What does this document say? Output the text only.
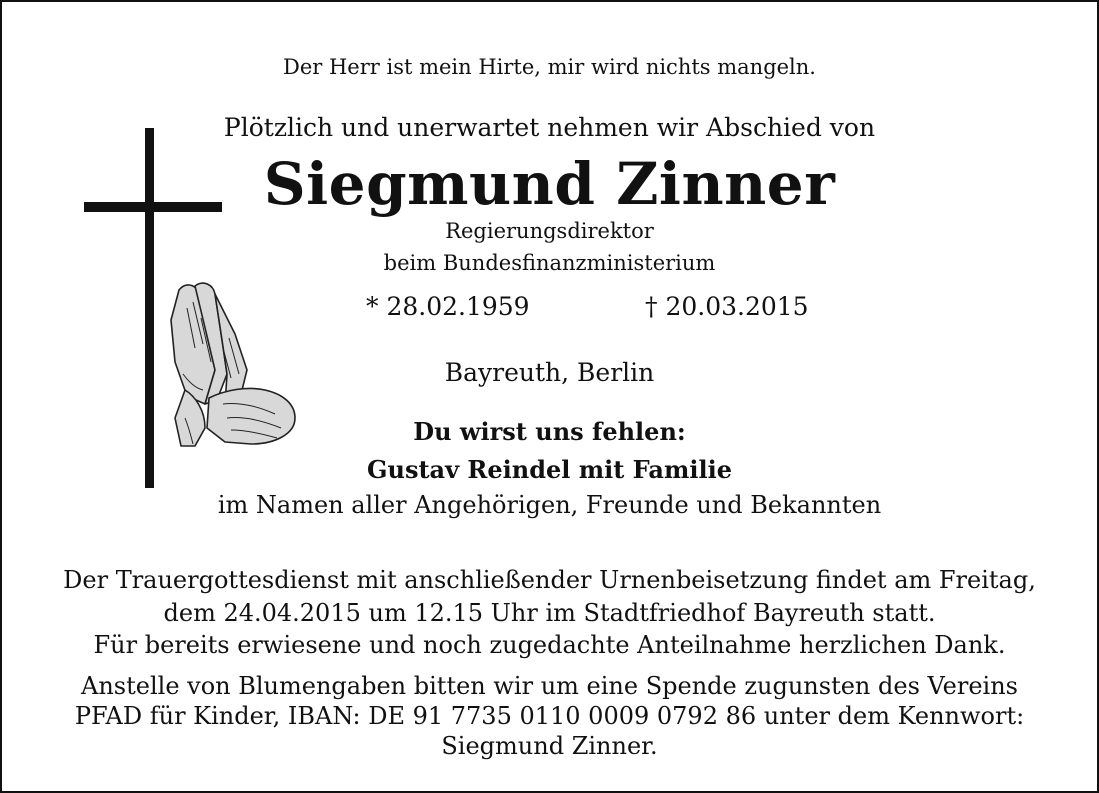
Der Herr ist mein Hirte, mir wird nichts mangeln.
Plötzlich und unerwartet nehmen wir Abschied von
Siegmund Zinner
Regierungsdirektor
beim Bundesfinanzministerium
* 28.02.1959	† 20.03.2015
Bayreuth, Berlin
Du wirst uns fehlen:
Gustav Reindel mit Familie
im Namen aller Angehörigen, Freunde und Bekannten
Der Trauergottesdienst mit anschließender Urnenbeisetzung findet am Freitag,
dem 24.04.2015 um 12.15 Uhr im Stadtfriedhof Bayreuth statt.
Für bereits erwiesene und noch zugedachte Anteilnahme herzlichen Dank.
Anstelle von Blumengaben bitten wir um eine Spende zugunsten des Vereins
PFAD für Kinder, IBAN: DE 91 7735 0110 0009 0792 86 unter dem Kennwort:
Siegmund Zinner.
